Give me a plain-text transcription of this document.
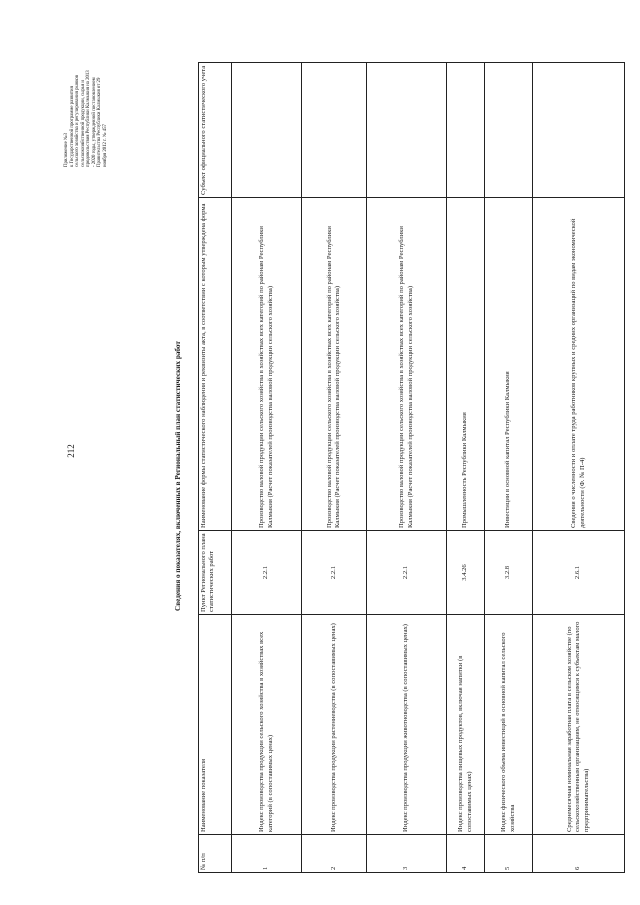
212
Приложение №3 к Государственной программе развития сельского хозяйства и регулирования рынков сельскохозяйственной продукции, сырья и продовольствия Республики Калмыкия на 2013 - 2020 годы, утвержденной постановлением Правительства Республики Калмыкия от 29 ноября 2012 г. № 457
Сведения о показателях, включенных в Региональный план статистических работ
№ п/п	Наименование показателя	Пункт Регионального плана статистических работ	Наименование формы статистического наблюдения и реквизиты акта, в соответствии с которым утверждена форма	Субъект официального статистического учета
1	Индекс производства продукции сельского хозяйства в хозяйствах всех категорий (в сопоставимых ценах)	2.2.1	Производство валовой продукции сельского хозяйства в хозяйствах всех категорий по районам Республики Калмыкия (Расчет показателей производства валовой продукции сельского хозяйства)	
2	Индекс производства продукции растениеводства (в сопоставимых ценах)	2.2.1	Производство валовой продукции сельского хозяйства в хозяйствах всех категорий по районам Республики Калмыкия (Расчет показателей производства валовой продукции сельского хозяйства)	
3	Индекс производства продукции животноводства (в сопоставимых ценах)	2.2.1	Производство валовой продукции сельского хозяйства в хозяйствах всех категорий по районам Республики Калмыкия (Расчет показателей производства валовой продукции сельского хозяйства)	
4	Индекс производства пищевых продуктов, включая напитки (в сопоставимых ценах)	3.4.26	Промышленность Республики Калмыкия	
5	Индекс физического объема инвестиций в основной капитал сельского хозяйства	3.2.8	Инвестиции в основной капитал Республики Калмыкия	
6	Среднемесячная номинальная заработная плата в сельском хозяйстве (по сельскохозяйственным организациям, не относящимся к субъектам малого предпринимательства)	2.6.1	Сведения о численности и оплате труда работников крупных и средних организаций по видам экономической деятельности (Ф. № П-4)	
